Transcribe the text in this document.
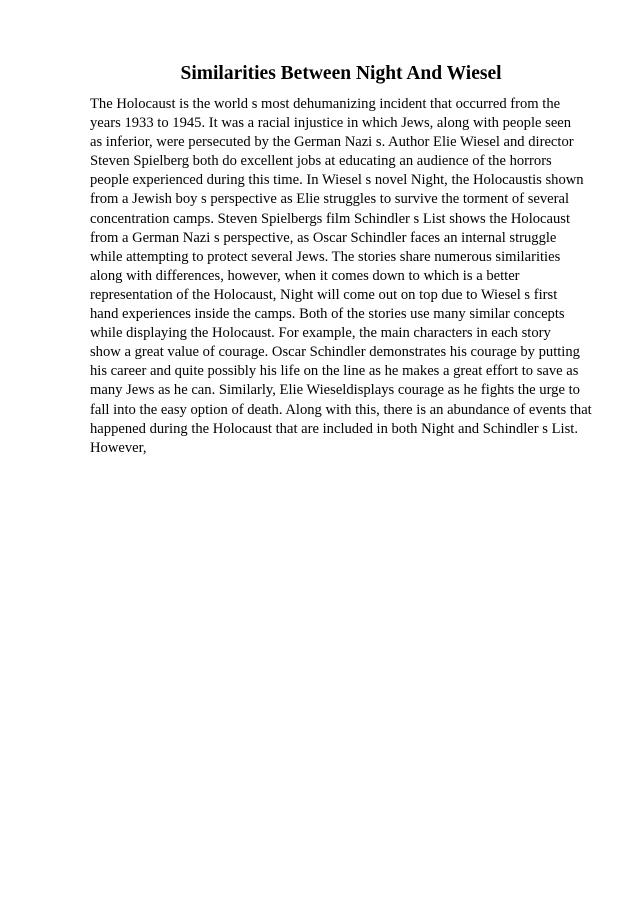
Similarities Between Night And Wiesel
The Holocaust is the world s most dehumanizing incident that occurred from the
years 1933 to 1945. It was a racial injustice in which Jews, along with people seen
as inferior, were persecuted by the German Nazi s. Author Elie Wiesel and director
Steven Spielberg both do excellent jobs at educating an audience of the horrors
people experienced during this time. In Wiesel s novel Night, the Holocaustis shown
from a Jewish boy s perspective as Elie struggles to survive the torment of several
concentration camps. Steven Spielbergs film Schindler s List shows the Holocaust
from a German Nazi s perspective, as Oscar Schindler faces an internal struggle
while attempting to protect several Jews. The stories share numerous similarities
along with differences, however, when it comes down to which is a better
representation of the Holocaust, Night will come out on top due to Wiesel s first
hand experiences inside the camps. Both of the stories use many similar concepts
while displaying the Holocaust. For example, the main characters in each story
show a great value of courage. Oscar Schindler demonstrates his courage by putting
his career and quite possibly his life on the line as he makes a great effort to save as
many Jews as he can. Similarly, Elie Wieseldisplays courage as he fights the urge to
fall into the easy option of death. Along with this, there is an abundance of events that
happened during the Holocaust that are included in both Night and Schindler s List.
However,
